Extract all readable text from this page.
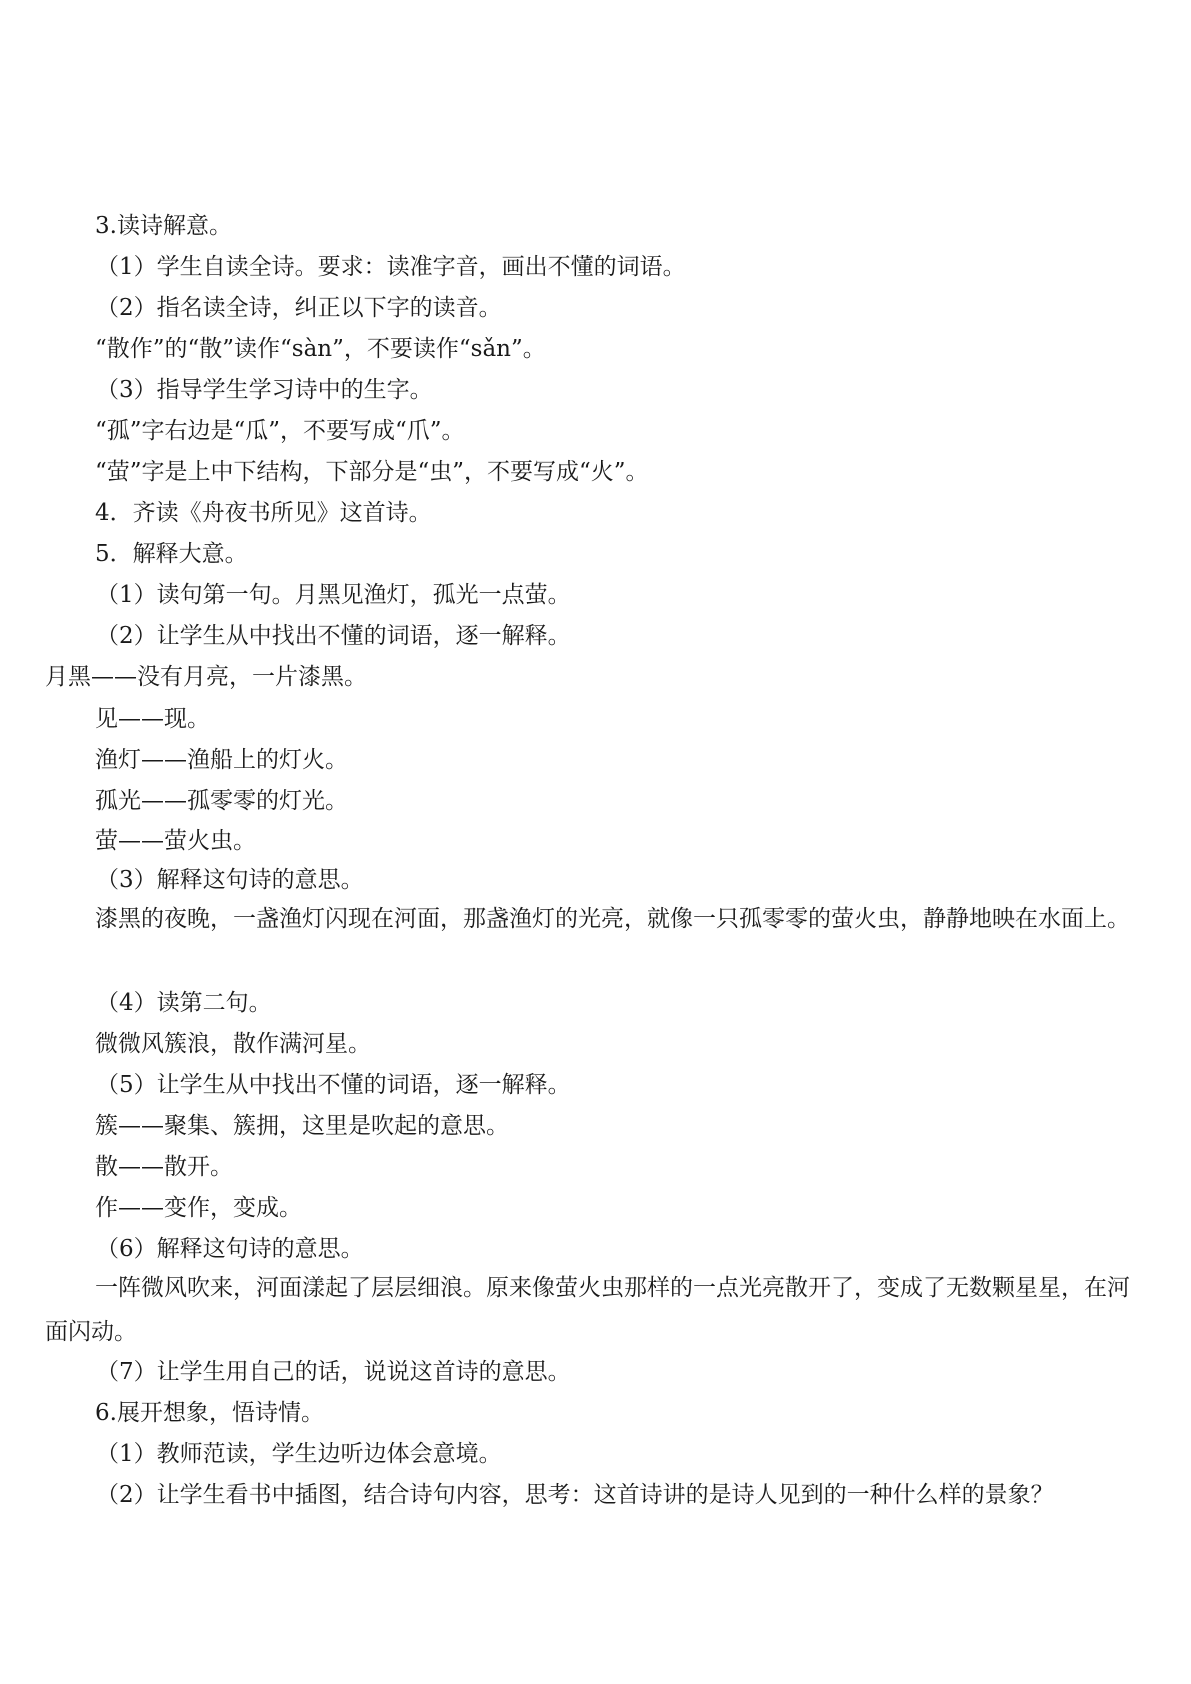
3.读诗解意。
（1）学生自读全诗。要求：读准字音，画出不懂的词语。
（2）指名读全诗，纠正以下字的读音。
“散作”的“散”读作“sàn”，不要读作“sǎn”。
（3）指导学生学习诗中的生字。
“孤”字右边是“瓜”，不要写成“爪”。
“萤”字是上中下结构，下部分是“虫”，不要写成“火”。
4．齐读《舟夜书所见》这首诗。
5．解释大意。
（1）读句第一句。月黑见渔灯，孤光一点萤。
（2）让学生从中找出不懂的词语，逐一解释。
月黑——没有月亮，一片漆黑。
见——现。
渔灯——渔船上的灯火。
孤光——孤零零的灯光。
萤——萤火虫。
（3）解释这句诗的意思。
漆黑的夜晚，一盏渔灯闪现在河面，那盏渔灯的光亮，就像一只孤零零的萤火虫，静静地映在水面上。
（4）读第二句。
微微风簇浪，散作满河星。
（5）让学生从中找出不懂的词语，逐一解释。
簇——聚集、簇拥，这里是吹起的意思。
散——散开。
作——变作，变成。
（6）解释这句诗的意思。
一阵微风吹来，河面漾起了层层细浪。原来像萤火虫那样的一点光亮散开了，变成了无数颗星星，在河面闪动。
（7）让学生用自己的话，说说这首诗的意思。
6.展开想象，悟诗情。
（1）教师范读，学生边听边体会意境。
（2）让学生看书中插图，结合诗句内容，思考：这首诗讲的是诗人见到的一种什么样的景象？
